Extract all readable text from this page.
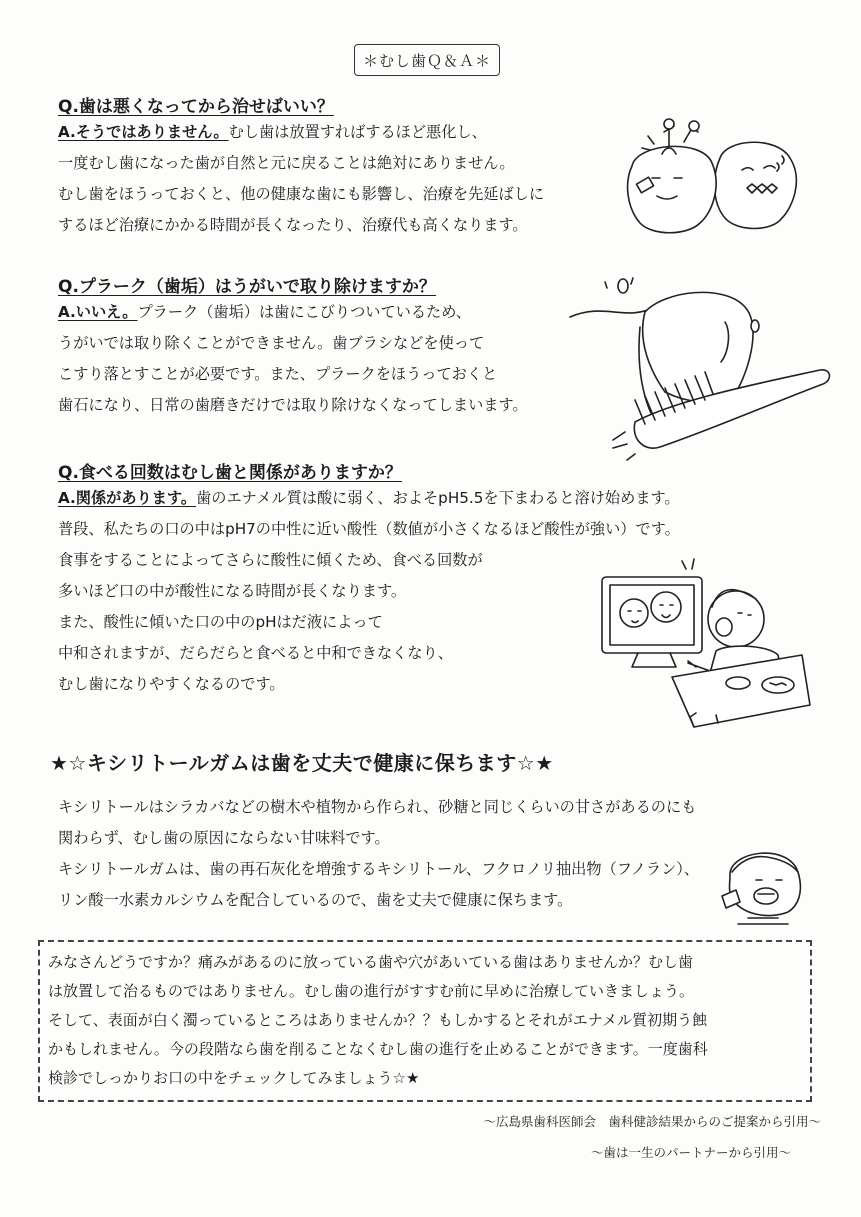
＊むし歯Ｑ＆Ａ＊
Q.歯は悪くなってから治せばいい？
A.そうではありません。むし歯は放置すればするほど悪化し、
一度むし歯になった歯が自然と元に戻ることは絶対にありません。
むし歯をほうっておくと、他の健康な歯にも影響し、治療を先延ばしに
するほど治療にかかる時間が長くなったり、治療代も高くなります。
Q.プラーク（歯垢）はうがいで取り除けますか？
A.いいえ。プラーク（歯垢）は歯にこびりついているため、
うがいでは取り除くことができません。歯ブラシなどを使って
こすり落とすことが必要です。また、プラークをほうっておくと
歯石になり、日常の歯磨きだけでは取り除けなくなってしまいます。
Q.食べる回数はむし歯と関係がありますか？
A.関係があります。歯のエナメル質は酸に弱く、およそpH5.5を下まわると溶け始めます。
普段、私たちの口の中はpH7の中性に近い酸性（数値が小さくなるほど酸性が強い）です。
食事をすることによってさらに酸性に傾くため、食べる回数が
多いほど口の中が酸性になる時間が長くなります。
また、酸性に傾いた口の中のpHはだ液によって
中和されますが、だらだらと食べると中和できなくなり、
むし歯になりやすくなるのです。
★☆キシリトールガムは歯を丈夫で健康に保ちます☆★
キシリトールはシラカバなどの樹木や植物から作られ、砂糖と同じくらいの甘さがあるのにも
関わらず、むし歯の原因にならない甘味料です。
キシリトールガムは、歯の再石灰化を増強するキシリトール、フクロノリ抽出物（フノラン）、
リン酸一水素カルシウムを配合しているので、歯を丈夫で健康に保ちます。
みなさんどうですか？痛みがあるのに放っている歯や穴があいている歯はありませんか？むし歯
は放置して治るものではありません。むし歯の進行がすすむ前に早めに治療していきましょう。
そして、表面が白く濁っているところはありませんか？？もしかするとそれがエナメル質初期う蝕
かもしれません。今の段階なら歯を削ることなくむし歯の進行を止めることができます。一度歯科
検診でしっかりお口の中をチェックしてみましょう☆★
～広島県歯科医師会　歯科健診結果からのご提案から引用～
～歯は一生のパートナーから引用～
